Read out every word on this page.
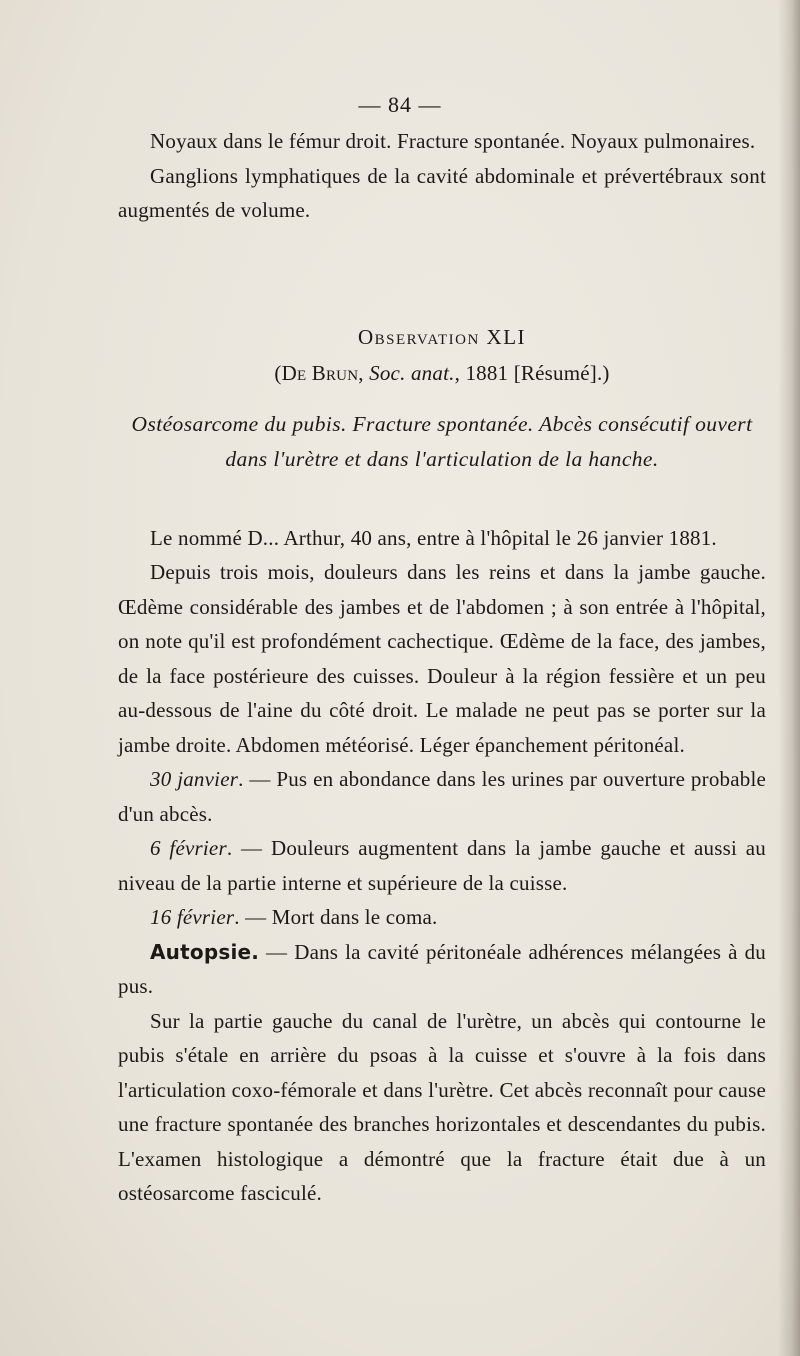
— 84 —

Noyaux dans le fémur droit. Fracture spontanée. Noyaux pulmonaires.

Ganglions lymphatiques de la cavité abdominale et prévertébraux sont augmentés de volume.

Observation XLI
(De Brun, Soc. anat., 1881 [Résumé].)
Ostéosarcome du pubis. Fracture spontanée. Abcès consécutif ouvert dans l'urètre et dans l'articulation de la hanche.

Le nommé D... Arthur, 40 ans, entre à l'hôpital le 26 janvier 1881.

Depuis trois mois, douleurs dans les reins et dans la jambe gauche. Œdème considérable des jambes et de l'abdomen ; à son entrée à l'hôpital, on note qu'il est profondément cachectique. Œdème de la face, des jambes, de la face postérieure des cuisses. Douleur à la région fessière et un peu au-dessous de l'aine du côté droit. Le malade ne peut pas se porter sur la jambe droite. Abdomen météorisé. Léger épanchement péritonéal.

30 janvier. — Pus en abondance dans les urines par ouverture probable d'un abcès.

6 février. — Douleurs augmentent dans la jambe gauche et aussi au niveau de la partie interne et supérieure de la cuisse.

16 février. — Mort dans le coma.

Autopsie. — Dans la cavité péritonéale adhérences mélangées à du pus.

Sur la partie gauche du canal de l'urètre, un abcès qui contourne le pubis s'étale en arrière du psoas à la cuisse et s'ouvre à la fois dans l'articulation coxo-fémorale et dans l'urètre. Cet abcès reconnaît pour cause une fracture spontanée des branches horizontales et descendantes du pubis. L'examen histologique a démontré que la fracture était due à un ostéosarcome fasciculé.
